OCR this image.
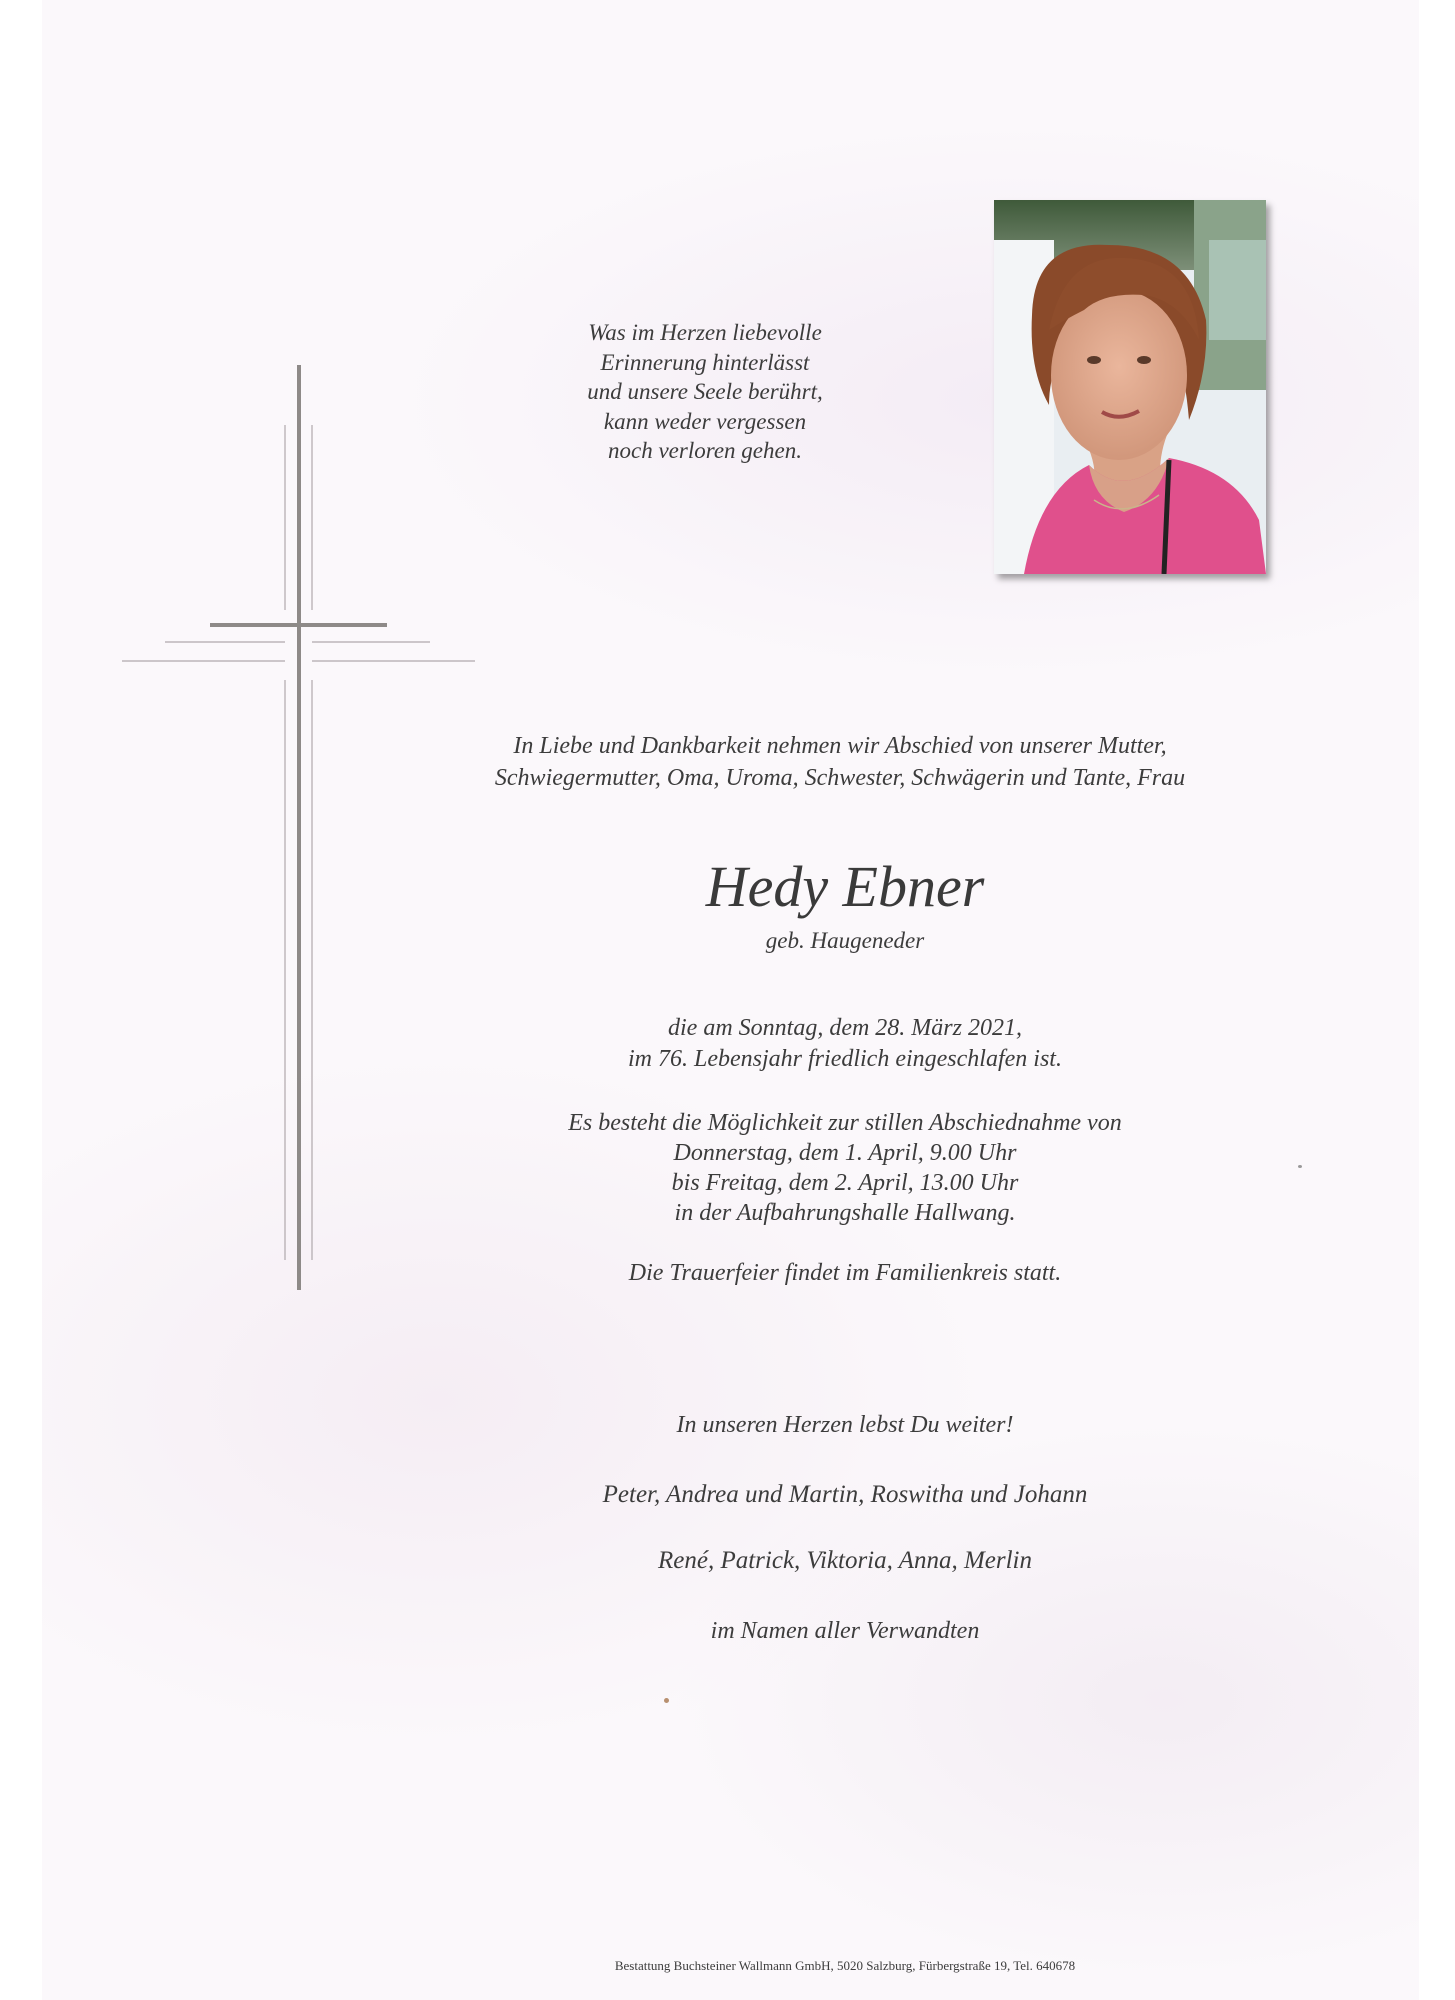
Was im Herzen liebevolle
Erinnerung hinterlässt
und unsere Seele berührt,
kann weder vergessen
noch verloren gehen.
In Liebe und Dankbarkeit nehmen wir Abschied von unserer Mutter,
Schwiegermutter, Oma, Uroma, Schwester, Schwägerin und Tante, Frau
Hedy Ebner
geb. Haugeneder
die am Sonntag, dem 28. März 2021,
im 76. Lebensjahr friedlich eingeschlafen ist.
Es besteht die Möglichkeit zur stillen Abschiednahme von
Donnerstag, dem 1. April, 9.00 Uhr
bis Freitag, dem 2. April, 13.00 Uhr
in der Aufbahrungshalle Hallwang.
Die Trauerfeier findet im Familienkreis statt.
In unseren Herzen lebst Du weiter!
Peter, Andrea und Martin, Roswitha und Johann
René, Patrick, Viktoria, Anna, Merlin
im Namen aller Verwandten
Bestattung Buchsteiner Wallmann GmbH, 5020 Salzburg, Fürbergstraße 19, Tel. 640678
